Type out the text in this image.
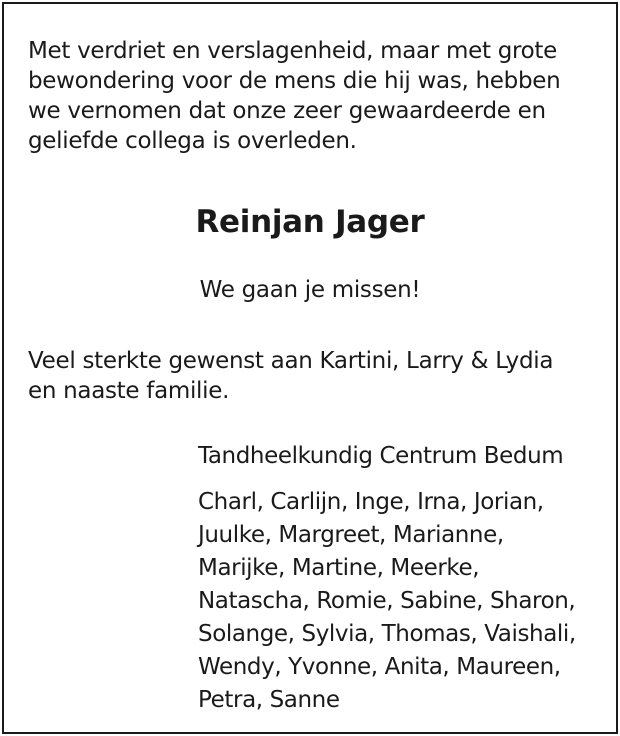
Met verdriet en verslagenheid, maar met grote
bewondering voor de mens die hij was, hebben
we vernomen dat onze zeer gewaardeerde en
geliefde collega is overleden.

Reinjan Jager

We gaan je missen!

Veel sterkte gewenst aan Kartini, Larry & Lydia
en naaste familie.

Tandheelkundig Centrum Bedum

Charl, Carlijn, Inge, Irna, Jorian,
Juulke, Margreet, Marianne,
Marijke, Martine, Meerke,
Natascha, Romie, Sabine, Sharon,
Solange, Sylvia, Thomas, Vaishali,
Wendy, Yvonne, Anita, Maureen,
Petra, Sanne
